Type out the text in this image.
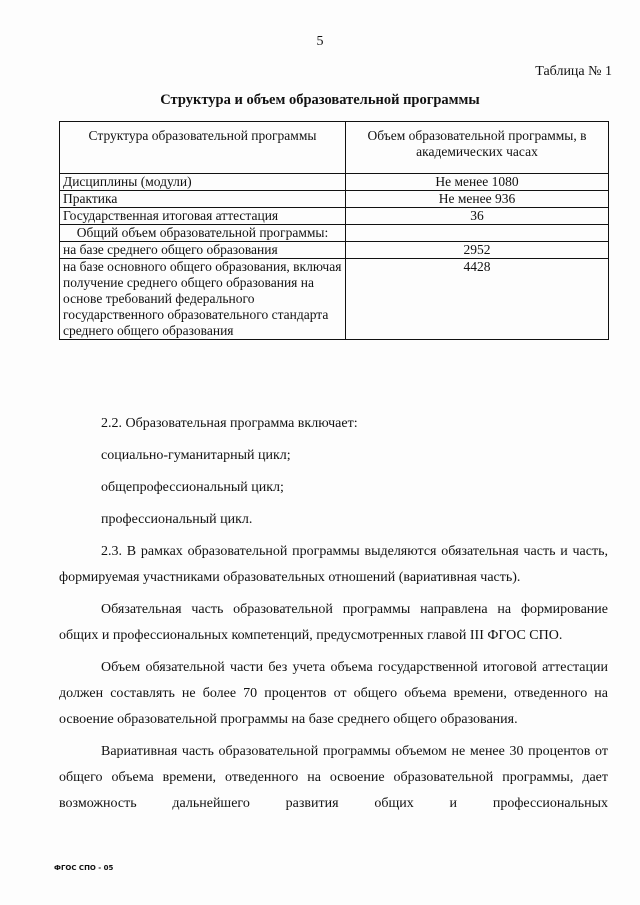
5
Таблица № 1
Структура и объем образовательной программы
Структура образовательной программы	Объем образовательной программы, в академических часах
Дисциплины (модули)	Не менее 1080
Практика	Не менее 936
Государственная итоговая аттестация	36
Общий объем образовательной программы:	
на базе среднего общего образования	2952
на базе основного общего образования, включая получение среднего общего образования на основе требований федерального государственного образовательного стандарта среднего общего образования	4428

2.2. Образовательная программа включает:

социально-гуманитарный цикл;

общепрофессиональный цикл;

профессиональный цикл.

2.3. В рамках образовательной программы выделяются обязательная часть и часть, формируемая участниками образовательных отношений (вариативная часть).

Обязательная часть образовательной программы направлена на формирование общих и профессиональных компетенций, предусмотренных главой III ФГОС СПО.

Объем обязательной части без учета объема государственной итоговой аттестации должен составлять не более 70 процентов от общего объема времени, отведенного на освоение образовательной программы на базе среднего общего образования.

Вариативная часть образовательной программы объемом не менее 30 процентов от общего объема времени, отведенного на освоение образовательной программы, дает возможность дальнейшего развития общих и профессиональных

ФГОС СПО - 05
